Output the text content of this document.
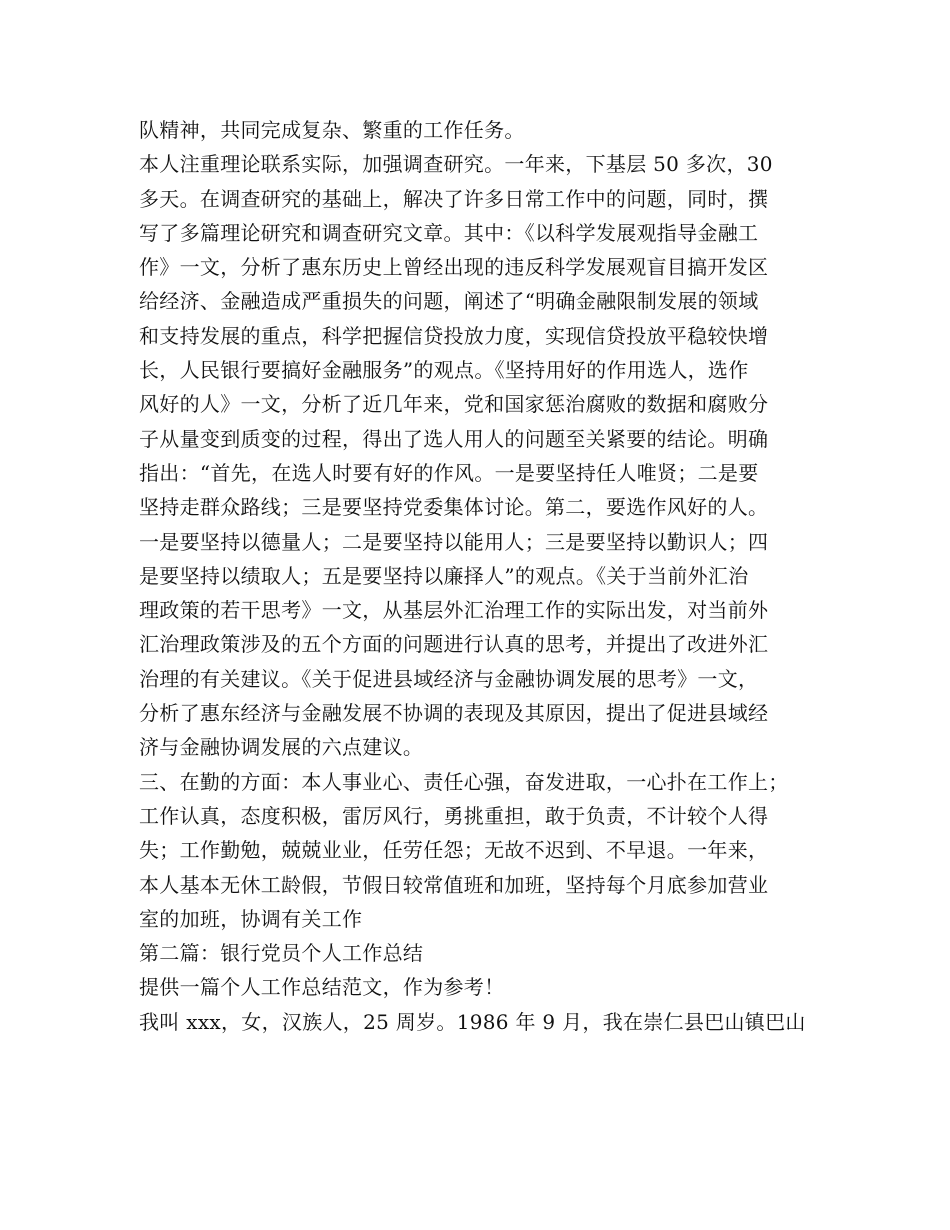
队精神，共同完成复杂、繁重的工作任务。
本人注重理论联系实际，加强调查研究。一年来，下基层 50 多次，30
多天。在调查研究的基础上，解决了许多日常工作中的问题，同时，撰
写了多篇理论研究和调查研究文章。其中：《以科学发展观指导金融工
作》一文，分析了惠东历史上曾经出现的违反科学发展观盲目搞开发区
给经济、金融造成严重损失的问题，阐述了“明确金融限制发展的领域
和支持发展的重点，科学把握信贷投放力度，实现信贷投放平稳较快增
长，人民银行要搞好金融服务”的观点。《坚持用好的作用选人，选作
风好的人》一文，分析了近几年来，党和国家惩治腐败的数据和腐败分
子从量变到质变的过程，得出了选人用人的问题至关紧要的结论。明确
指出：“首先，在选人时要有好的作风。一是要坚持任人唯贤；二是要
坚持走群众路线；三是要坚持党委集体讨论。第二，要选作风好的人。
一是要坚持以德量人；二是要坚持以能用人；三是要坚持以勤识人；四
是要坚持以绩取人；五是要坚持以廉择人”的观点。《关于当前外汇治
理政策的若干思考》一文，从基层外汇治理工作的实际出发，对当前外
汇治理政策涉及的五个方面的问题进行认真的思考，并提出了改进外汇
治理的有关建议。《关于促进县域经济与金融协调发展的思考》一文，
分析了惠东经济与金融发展不协调的表现及其原因，提出了促进县域经
济与金融协调发展的六点建议。
三、在勤的方面：本人事业心、责任心强，奋发进取，一心扑在工作上；
工作认真，态度积极，雷厉风行，勇挑重担，敢于负责，不计较个人得
失；工作勤勉，兢兢业业，任劳任怨；无故不迟到、不早退。一年来，
本人基本无休工龄假，节假日较常值班和加班，坚持每个月底参加营业
室的加班，协调有关工作
第二篇：银行党员个人工作总结
提供一篇个人工作总结范文，作为参考！
我叫 xxx，女，汉族人，25 周岁。1986 年 9 月，我在崇仁县巴山镇巴山
